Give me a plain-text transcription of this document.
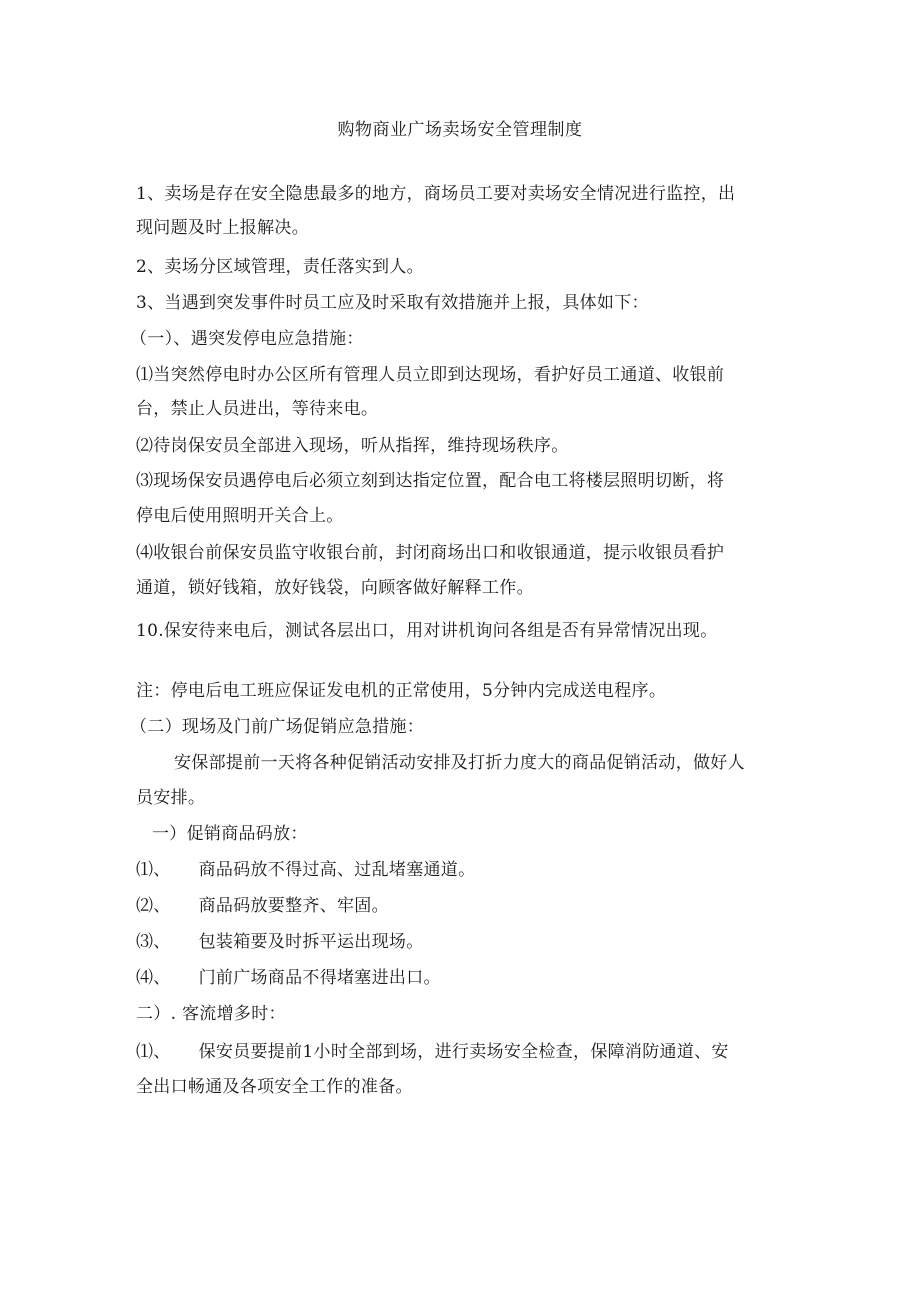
购物商业广场卖场安全管理制度
1、卖场是存在安全隐患最多的地方，商场员工要对卖场安全情况进行监控，出
现问题及时上报解决。
2、卖场分区域管理，责任落实到人。
3、当遇到突发事件时员工应及时采取有效措施并上报，具体如下：
（一）、遇突发停电应急措施：
⑴当突然停电时办公区所有管理人员立即到达现场，看护好员工通道、收银前
台，禁止人员进出，等待来电。
⑵待岗保安员全部进入现场，听从指挥，维持现场秩序。
⑶现场保安员遇停电后必须立刻到达指定位置，配合电工将楼层照明切断，将
停电后使用照明开关合上。
⑷收银台前保安员监守收银台前，封闭商场出口和收银通道，提示收银员看护
通道，锁好钱箱，放好钱袋，向顾客做好解释工作。
10.保安待来电后，测试各层出口，用对讲机询问各组是否有异常情况出现。
注：停电后电工班应保证发电机的正常使用，5分钟内完成送电程序。
（二）现场及门前广场促销应急措施：
安保部提前一天将各种促销活动安排及打折力度大的商品促销活动，做好人
员安排。
一）促销商品码放：
⑴、 商品码放不得过高、过乱堵塞通道。
⑵、 商品码放要整齐、牢固。
⑶、 包装箱要及时拆平运出现场。
⑷、 门前广场商品不得堵塞进出口。
二）. 客流增多时：
⑴、 保安员要提前1小时全部到场，进行卖场安全检查，保障消防通道、安
全出口畅通及各项安全工作的准备。
